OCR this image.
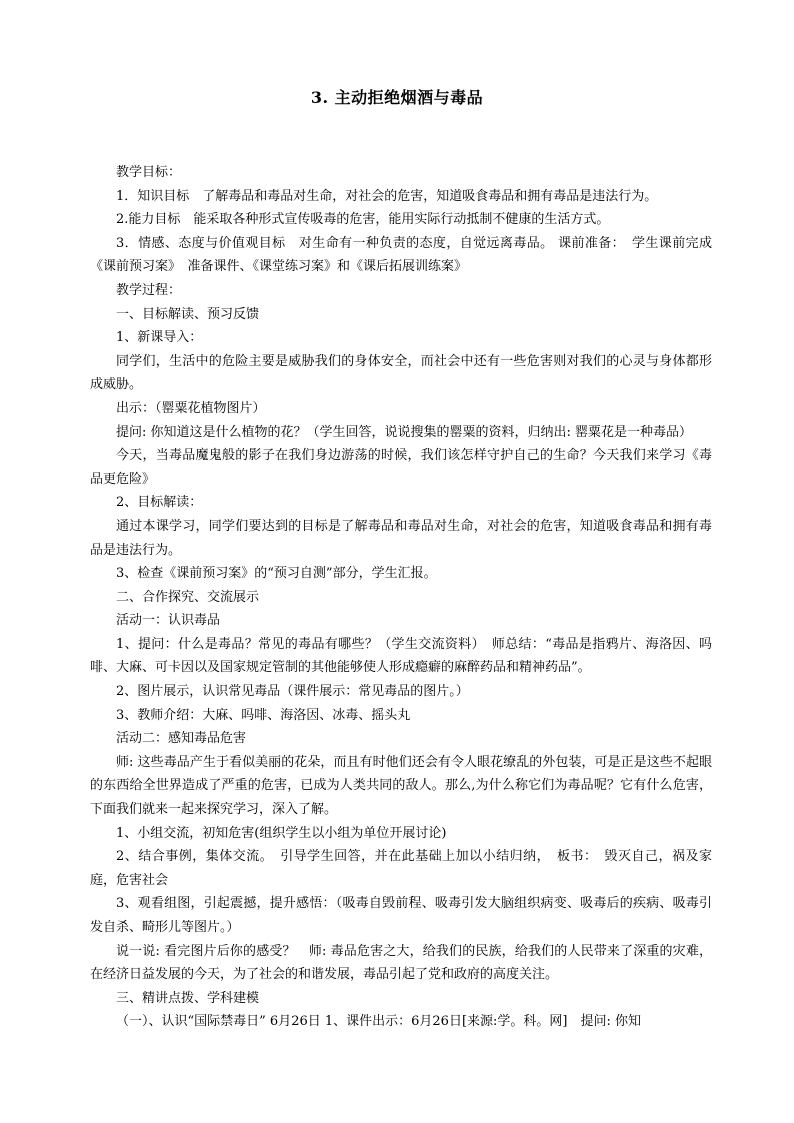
3. 主动拒绝烟酒与毒品

教学目标：

1．知识目标　了解毒品和毒品对生命，对社会的危害，知道吸食毒品和拥有毒品是违法行为。

2.能力目标　能采取各种形式宣传吸毒的危害，能用实际行动抵制不健康的生活方式。

3．情感、态度与价值观目标　对生命有一种负责的态度，自觉远离毒品。 课前准备：　学生课前完成《课前预习案》　准备课件、《课堂练习案》和《课后拓展训练案》

教学过程：

一、目标解读、预习反馈

1、新课导入：

同学们，生活中的危险主要是威胁我们的身体安全，而社会中还有一些危害则对我们的心灵与身体都形成威胁。

出示：（罂粟花植物图片）

提问: 你知道这是什么植物的花？（学生回答，说说搜集的罂粟的资料，归纳出: 罂粟花是一种毒品）

今天，当毒品魔鬼般的影子在我们身边游荡的时候，我们该怎样守护自己的生命？今天我们来学习《毒品更危险》

2、目标解读：

通过本课学习，同学们要达到的目标是了解毒品和毒品对生命，对社会的危害，知道吸食毒品和拥有毒品是违法行为。

3、检查《课前预习案》的“预习自测”部分，学生汇报。

二、合作探究、交流展示

活动一：认识毒品

1、提问：什么是毒品？常见的毒品有哪些？（学生交流资料）　师总结：“毒品是指鸦片、海洛因、吗啡、大麻、可卡因以及国家规定管制的其他能够使人形成瘾癖的麻醉药品和精神药品”。

2、图片展示，认识常见毒品（课件展示：常见毒品的图片。）

3、教师介绍：大麻、吗啡、海洛因、冰毒、摇头丸

活动二：感知毒品危害

师: 这些毒品产生于看似美丽的花朵，而且有时他们还会有令人眼花缭乱的外包装，可是正是这些不起眼的东西给全世界造成了严重的危害，已成为人类共同的敌人。那么,为什么称它们为毒品呢？它有什么危害，下面我们就来一起来探究学习，深入了解。

1、小组交流，初知危害(组织学生以小组为单位开展讨论)

2、结合事例，集体交流。　引导学生回答，并在此基础上加以小结归纳，　板书：　毁灭自己，祸及家庭，危害社会

3、观看组图，引起震撼，提升感悟：（吸毒自毁前程、吸毒引发大脑组织病变、吸毒后的疾病、吸毒引发自杀、畸形儿等图片。）

说一说: 看完图片后你的感受？　师: 毒品危害之大，给我们的民族，给我们的人民带来了深重的灾难，在经济日益发展的今天，为了社会的和谐发展，毒品引起了党和政府的高度关注。

三、精讲点拨、学科建模

（一）、认识“国际禁毒日” 6月26日 1、课件出示：6月26日[来源:学。科。网]　提问: 你知
